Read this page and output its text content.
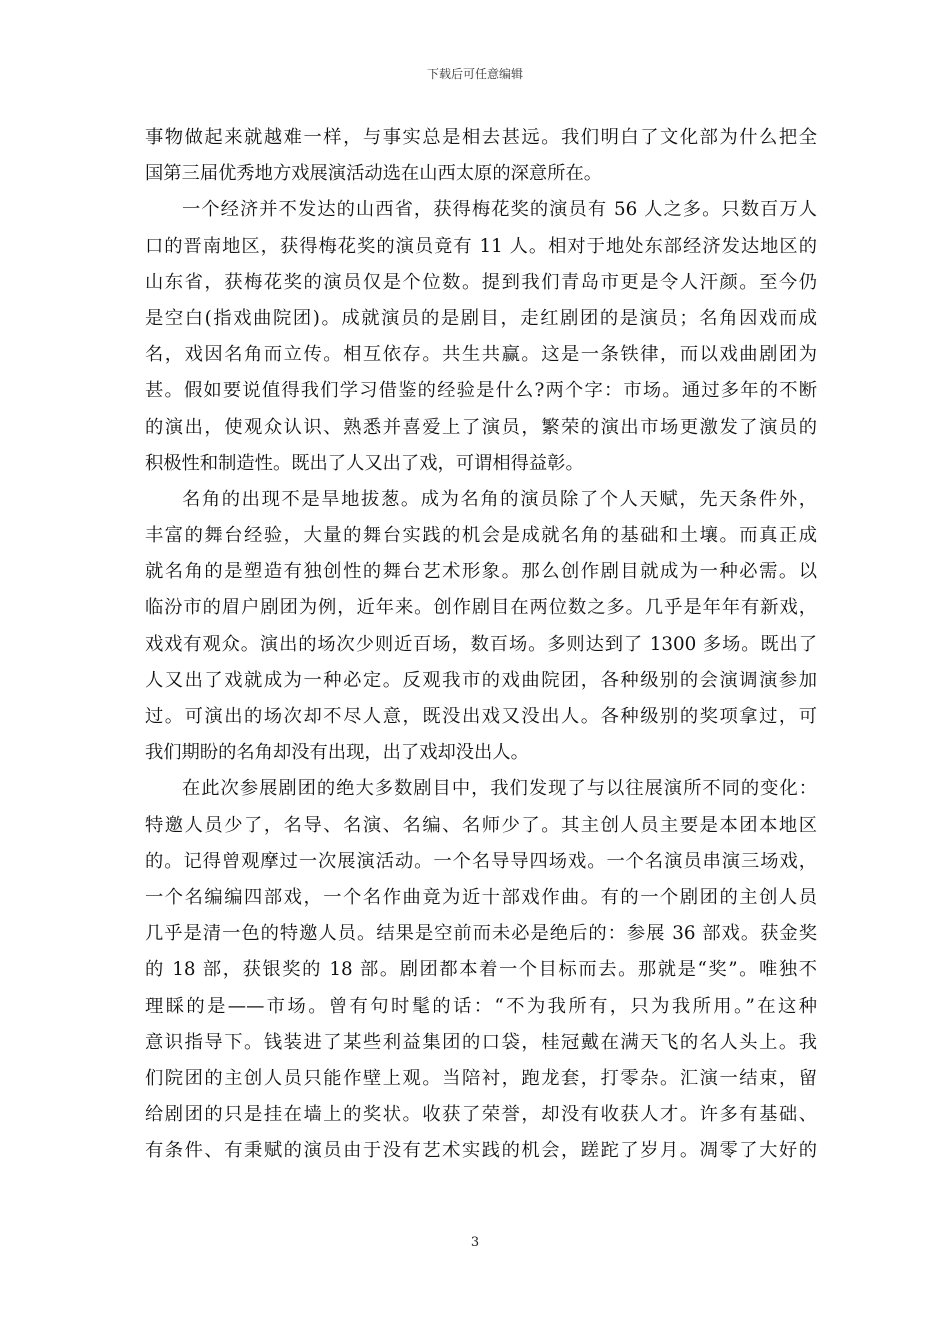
下载后可任意编辑
事物做起来就越难一样，与事实总是相去甚远。我们明白了文化部为什么把全
国第三届优秀地方戏展演活动选在山西太原的深意所在。
一个经济并不发达的山西省，获得梅花奖的演员有 56 人之多。只数百万人
口的晋南地区，获得梅花奖的演员竟有 11 人。相对于地处东部经济发达地区的
山东省，获梅花奖的演员仅是个位数。提到我们青岛市更是令人汗颜。至今仍
是空白(指戏曲院团)。成就演员的是剧目，走红剧团的是演员；名角因戏而成
名，戏因名角而立传。相互依存。共生共赢。这是一条铁律，而以戏曲剧团为
甚。假如要说值得我们学习借鉴的经验是什么?两个字：市场。通过多年的不断
的演出，使观众认识、熟悉并喜爱上了演员，繁荣的演出市场更激发了演员的
积极性和制造性。既出了人又出了戏，可谓相得益彰。
名角的出现不是旱地拔葱。成为名角的演员除了个人天赋，先天条件外，
丰富的舞台经验，大量的舞台实践的机会是成就名角的基础和土壤。而真正成
就名角的是塑造有独创性的舞台艺术形象。那么创作剧目就成为一种必需。以
临汾市的眉户剧团为例，近年来。创作剧目在两位数之多。几乎是年年有新戏，
戏戏有观众。演出的场次少则近百场，数百场。多则达到了 1300 多场。既出了
人又出了戏就成为一种必定。反观我市的戏曲院团，各种级别的会演调演参加
过。可演出的场次却不尽人意，既没出戏又没出人。各种级别的奖项拿过，可
我们期盼的名角却没有出现，出了戏却没出人。
在此次参展剧团的绝大多数剧目中，我们发现了与以往展演所不同的变化：
特邀人员少了，名导、名演、名编、名师少了。其主创人员主要是本团本地区
的。记得曾观摩过一次展演活动。一个名导导四场戏。一个名演员串演三场戏，
一个名编编四部戏，一个名作曲竟为近十部戏作曲。有的一个剧团的主创人员
几乎是清一色的特邀人员。结果是空前而未必是绝后的：参展 36 部戏。获金奖
的 18 部，获银奖的 18 部。剧团都本着一个目标而去。那就是“奖”。唯独不
理睬的是——市场。曾有句时髦的话：“不为我所有，只为我所用。”在这种
意识指导下。钱装进了某些利益集团的口袋，桂冠戴在满天飞的名人头上。我
们院团的主创人员只能作壁上观。当陪衬，跑龙套，打零杂。汇演一结束，留
给剧团的只是挂在墙上的奖状。收获了荣誉，却没有收获人才。许多有基础、
有条件、有秉赋的演员由于没有艺术实践的机会，蹉跎了岁月。凋零了大好的
3
